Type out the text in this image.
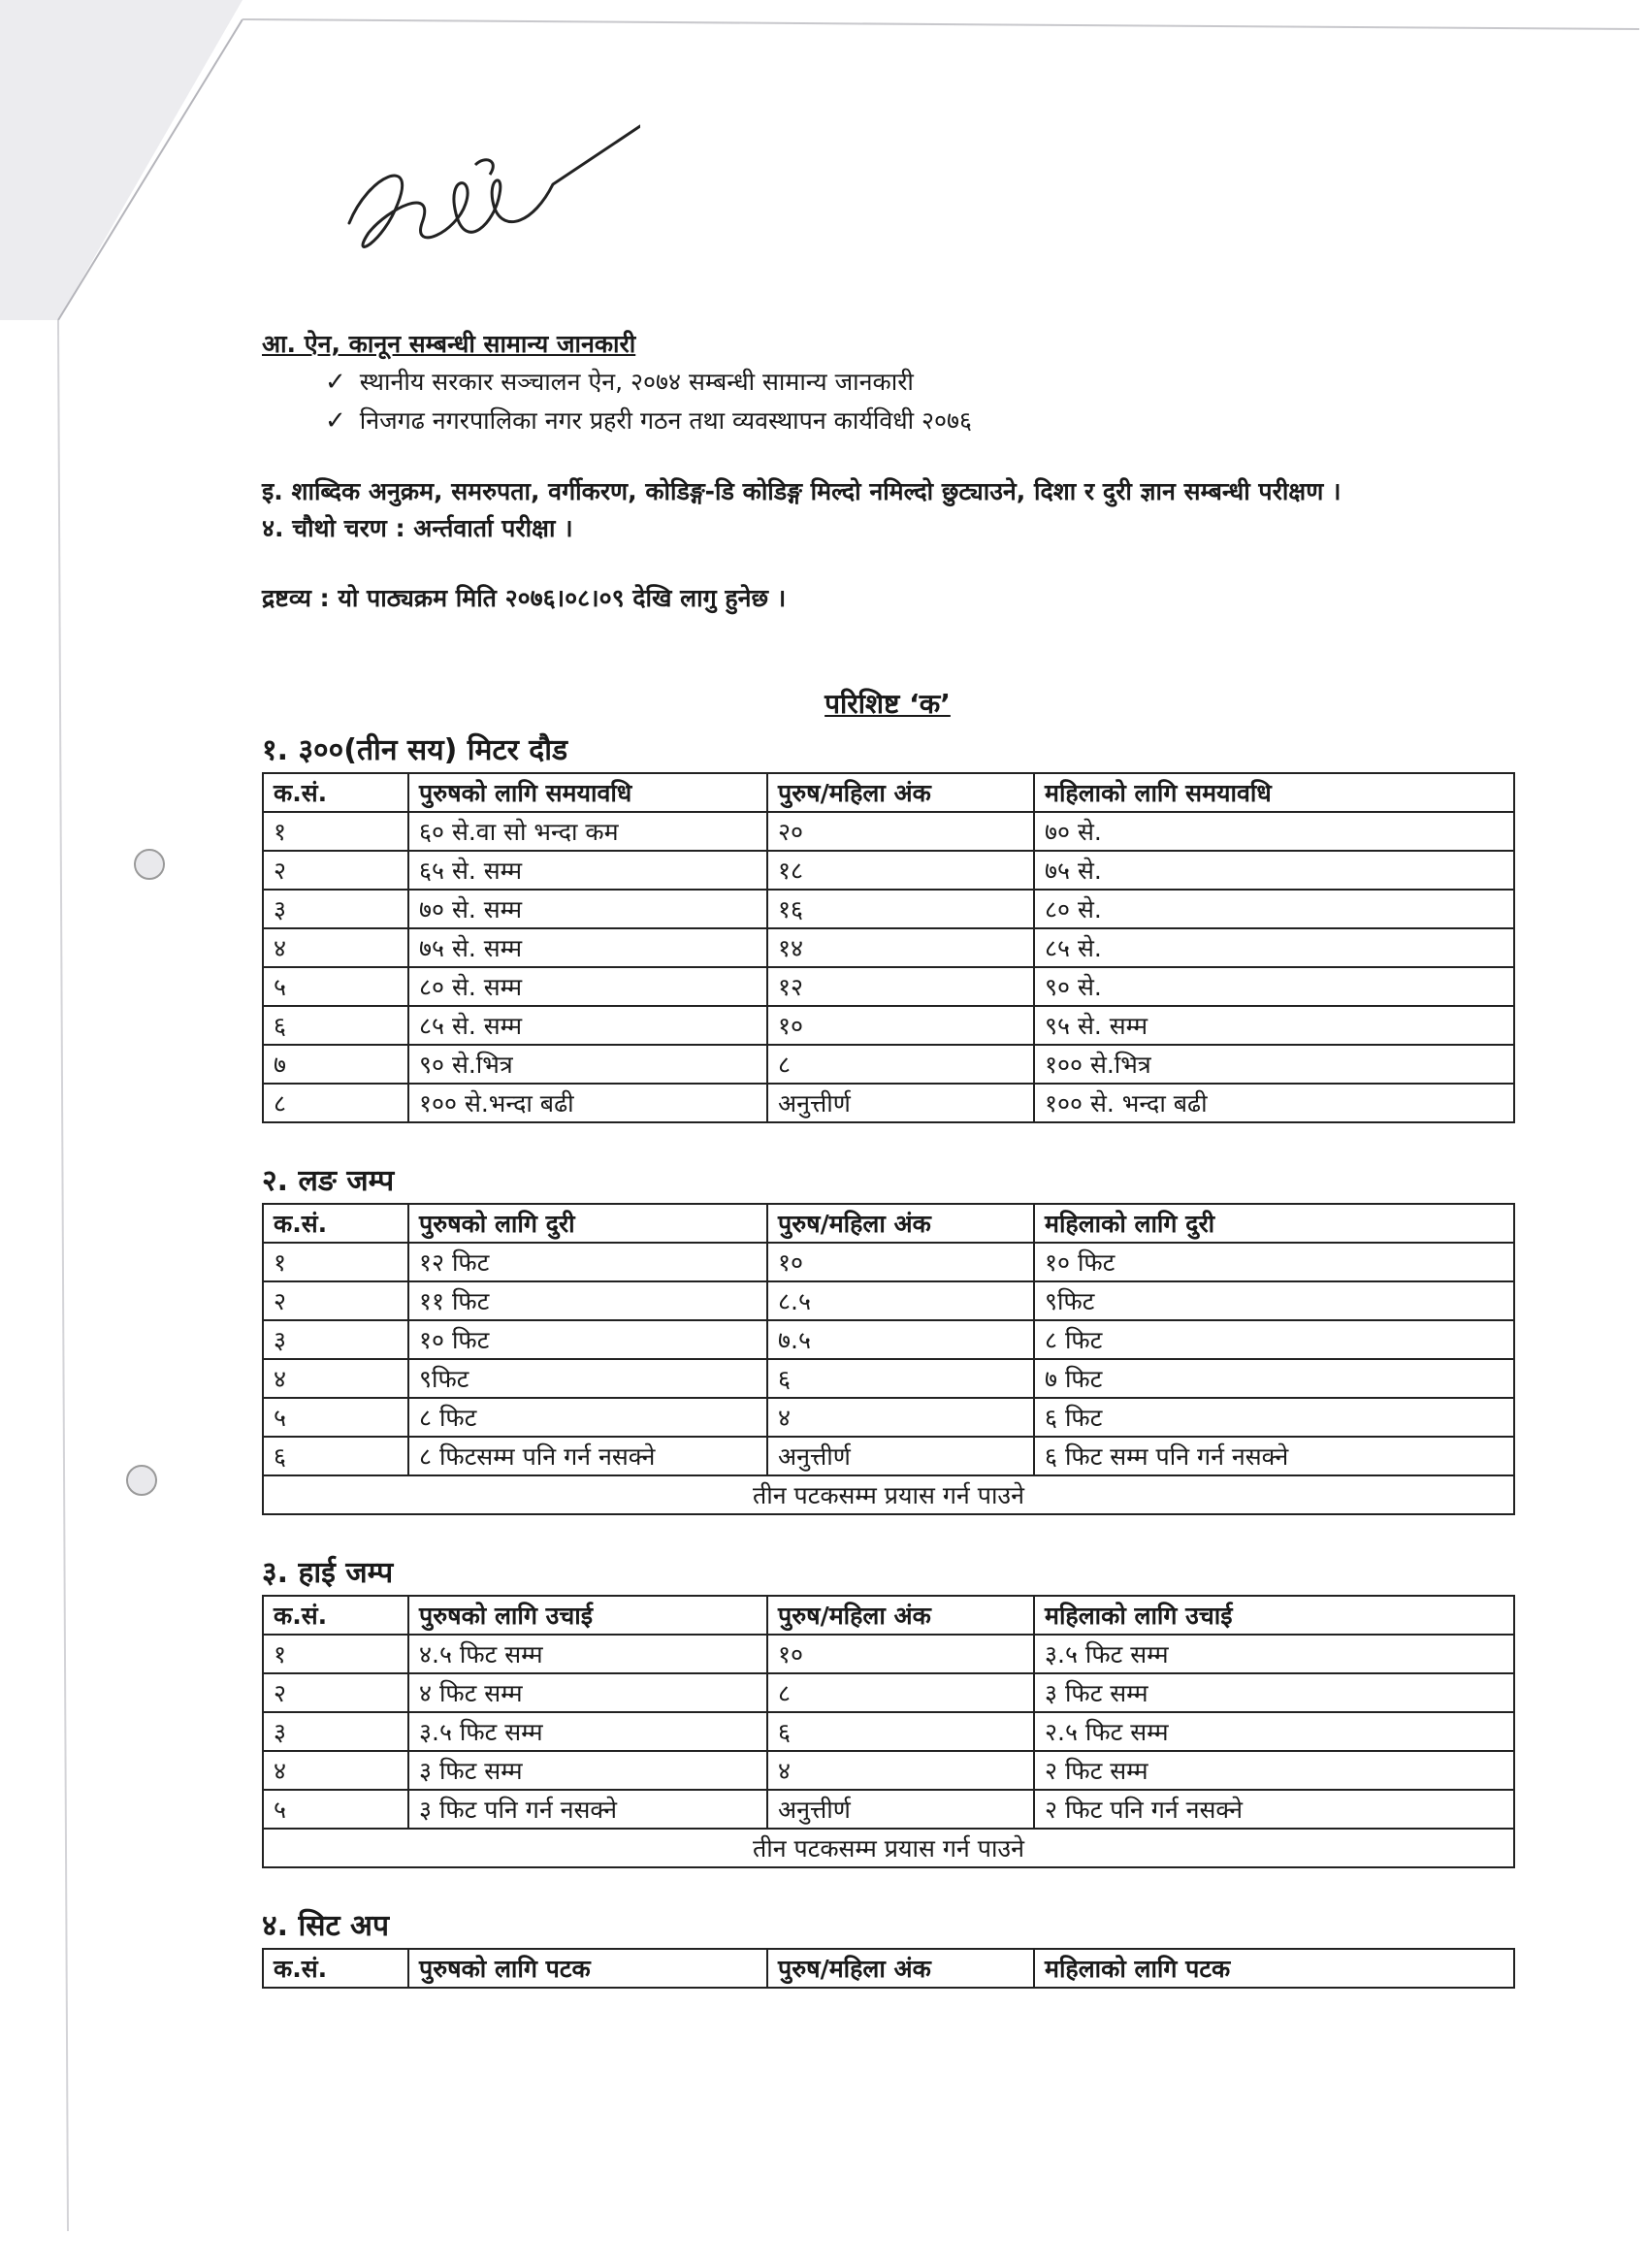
आ. ऐन, कानून सम्बन्धी सामान्य जानकारी

✓ स्थानीय सरकार सञ्चालन ऐन, २०७४ सम्बन्धी सामान्य जानकारी
✓ निजगढ नगरपालिका नगर प्रहरी गठन तथा व्यवस्थापन कार्यविधी २०७६

इ. शाब्दिक अनुक्रम, समरुपता, वर्गीकरण, कोडिङ्ग-डि कोडिङ्ग मिल्दो नमिल्दो छुट्याउने, दिशा र दुरी ज्ञान सम्बन्धी परीक्षण ।

४. चौथो चरण : अर्न्तवार्ता परीक्षा ।

द्रष्टव्य : यो पाठ्यक्रम मिति २०७६।०८।०९ देखि लागु हुनेछ ।

परिशिष्ट ‘क’

१. ३००(तीन सय) मिटर दौड

क.सं.	पुरुषको लागि समयावधि	पुरुष/महिला अंक	महिलाको लागि समयावधि
१	६० से.वा सो भन्दा कम	२०	७० से.
२	६५ से. सम्म	१८	७५ से.
३	७० से. सम्म	१६	८० से.
४	७५ से. सम्म	१४	८५ से.
५	८० से. सम्म	१२	९० से.
६	८५ से. सम्म	१०	९५ से. सम्म
७	९० से.भित्र	८	१०० से.भित्र
८	१०० से.भन्दा बढी	अनुत्तीर्ण	१०० से. भन्दा बढी

२. लङ जम्प

क.सं.	पुरुषको लागि दुरी	पुरुष/महिला अंक	महिलाको लागि दुरी
१	१२ फिट	१०	१० फिट
२	११ फिट	८.५	९फिट
३	१० फिट	७.५	८ फिट
४	९फिट	६	७ फिट
५	८ फिट	४	६ फिट
६	८ फिटसम्म पनि गर्न नसक्ने	अनुत्तीर्ण	६ फिट सम्म पनि गर्न नसक्ने
तीन पटकसम्म प्रयास गर्न पाउने			

३. हाई जम्प

क.सं.	पुरुषको लागि उचाई	पुरुष/महिला अंक	महिलाको लागि उचाई
१	४.५ फिट सम्म	१०	३.५ फिट सम्म
२	४ फिट सम्म	८	३ फिट सम्म
३	३.५ फिट सम्म	६	२.५ फिट सम्म
४	३ फिट सम्म	४	२ फिट सम्म
५	३ फिट पनि गर्न नसक्ने	अनुत्तीर्ण	२ फिट पनि गर्न नसक्ने
तीन पटकसम्म प्रयास गर्न पाउने			

४. सिट अप

क.सं.	पुरुषको लागि पटक	पुरुष/महिला अंक	महिलाको लागि पटक
